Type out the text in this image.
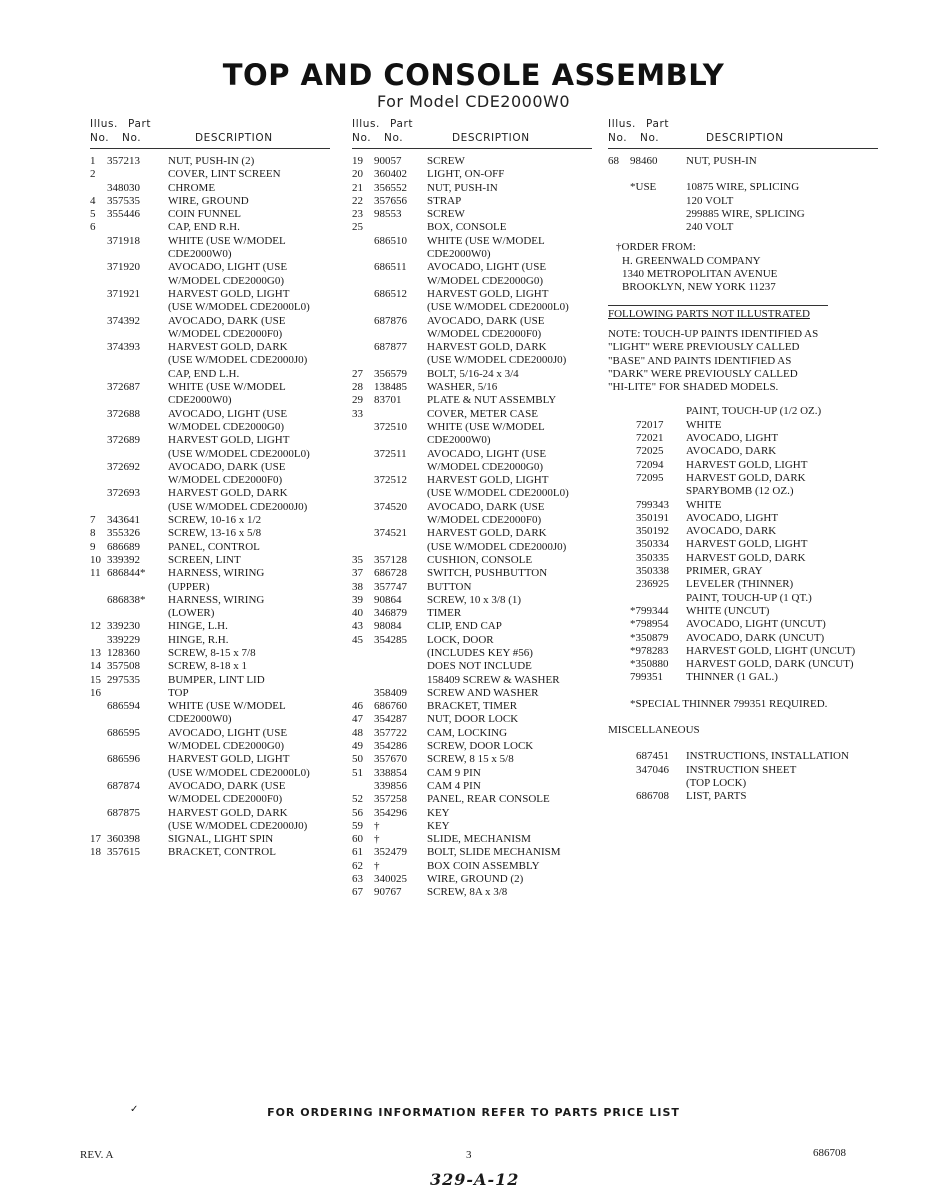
TOP AND CONSOLE ASSEMBLY
For Model CDE2000W0
Illus. Part
No. No.	DESCRIPTION
1 357213	NUT, PUSH-IN (2)
2	COVER, LINT SCREEN
348030	CHROME
4 357535	WIRE, GROUND
5 355446	COIN FUNNEL
6	CAP, END R.H.
371918	WHITE (USE W/MODEL
CDE2000W0)
371920	AVOCADO, LIGHT (USE
W/MODEL CDE2000G0)
371921	HARVEST GOLD, LIGHT
(USE W/MODEL CDE2000L0)
374392	AVOCADO, DARK (USE
W/MODEL CDE2000F0)
374393	HARVEST GOLD, DARK
(USE W/MODEL CDE2000J0)
CAP, END L.H.
372687	WHITE (USE W/MODEL
CDE2000W0)
372688	AVOCADO, LIGHT (USE
W/MODEL CDE2000G0)
372689	HARVEST GOLD, LIGHT
(USE W/MODEL CDE2000L0)
372692	AVOCADO, DARK (USE
W/MODEL CDE2000F0)
372693	HARVEST GOLD, DARK
(USE W/MODEL CDE2000J0)
7 343641	SCREW, 10-16 x 1/2
8 355326	SCREW, 13-16 x 5/8
9 686689	PANEL, CONTROL
10 339392	SCREEN, LINT
11 686844* HARNESS, WIRING
(UPPER)
686838* HARNESS, WIRING
(LOWER)
12 339230	HINGE, L.H.
339229	HINGE, R.H.
13 128360	SCREW, 8-15 x 7/8
14 357508	SCREW, 8-18 x 1
15 297535	BUMPER, LINT LID
16	TOP
686594	WHITE (USE W/MODEL
CDE2000W0)
686595	AVOCADO, LIGHT (USE
W/MODEL CDE2000G0)
686596	HARVEST GOLD, LIGHT
(USE W/MODEL CDE2000L0)
687874	AVOCADO, DARK (USE
W/MODEL CDE2000F0)
687875	HARVEST GOLD, DARK
(USE W/MODEL CDE2000J0)
17 360398	SIGNAL, LIGHT SPIN
18 357615	BRACKET, CONTROL
Illus. Part
No. No.	DESCRIPTION
19 90057 SCREW
20 360402 LIGHT, ON-OFF
21 356552 NUT, PUSH-IN
22 357656 STRAP
23 98553 SCREW
25	BOX, CONSOLE
686510 WHITE (USE W/MODEL
CDE2000W0)
686511 AVOCADO, LIGHT (USE
W/MODEL CDE2000G0)
686512 HARVEST GOLD, LIGHT
(USE W/MODEL CDE2000L0)
687876 AVOCADO, DARK (USE
W/MODEL CDE2000F0)
687877 HARVEST GOLD, DARK
(USE W/MODEL CDE2000J0)
27 356579 BOLT, 5/16-24 x 3/4
28 138485 WASHER, 5/16
29 83701 PLATE & NUT ASSEMBLY
33	COVER, METER CASE
372510 WHITE (USE W/MODEL
CDE2000W0)
372511 AVOCADO, LIGHT (USE
W/MODEL CDE2000G0)
372512 HARVEST GOLD, LIGHT
(USE W/MODEL CDE2000L0)
374520 AVOCADO, DARK (USE
W/MODEL CDE2000F0)
374521 HARVEST GOLD, DARK
(USE W/MODEL CDE2000J0)
35 357128 CUSHION, CONSOLE
37 686728 SWITCH, PUSHBUTTON
38 357747 BUTTON
39 90864 SCREW, 10 x 3/8 (1)
40 346879 TIMER
43 98084 CLIP, END CAP
45 354285 LOCK, DOOR
(INCLUDES KEY #56)
DOES NOT INCLUDE
158409 SCREW & WASHER
358409 SCREW AND WASHER
46 686760 BRACKET, TIMER
47 354287 NUT, DOOR LOCK
48 357722 CAM, LOCKING
49 354286 SCREW, DOOR LOCK
50 357670 SCREW, 8 15 x 5/8
51 338854 CAM 9 PIN
339856 CAM 4 PIN
52 357258 PANEL, REAR CONSOLE
56 354296 KEY
59 †	KEY
60 †	SLIDE, MECHANISM
61 352479 BOLT, SLIDE MECHANISM
62 †	BOX COIN ASSEMBLY
63 340025 WIRE, GROUND (2)
67 90767 SCREW, 8A x 3/8
Illus. Part
No. No.	DESCRIPTION
68 98460	NUT, PUSH-IN
*USE	10875 WIRE, SPLICING
120 VOLT
299885 WIRE, SPLICING
240 VOLT
†ORDER FROM:
H. GREENWALD COMPANY
1340 METROPOLITAN AVENUE
BROOKLYN, NEW YORK 11237
FOLLOWING PARTS NOT ILLUSTRATED
NOTE: TOUCH-UP PAINTS IDENTIFIED AS
"LIGHT" WERE PREVIOUSLY CALLED
"BASE" AND PAINTS IDENTIFIED AS
"DARK" WERE PREVIOUSLY CALLED
"HI-LITE" FOR SHADED MODELS.
PAINT, TOUCH-UP (1/2 OZ.)
72017 WHITE
72021 AVOCADO, LIGHT
72025 AVOCADO, DARK
72094 HARVEST GOLD, LIGHT
72095 HARVEST GOLD, DARK
SPARYBOMB (12 OZ.)
799343 WHITE
350191 AVOCADO, LIGHT
350192 AVOCADO, DARK
350334 HARVEST GOLD, LIGHT
350335 HARVEST GOLD, DARK
350338 PRIMER, GRAY
236925 LEVELER (THINNER)
PAINT, TOUCH-UP (1 QT.)
*799344 WHITE (UNCUT)
*798954 AVOCADO, LIGHT (UNCUT)
*350879 AVOCADO, DARK (UNCUT)
*978283 HARVEST GOLD, LIGHT (UNCUT)
*350880 HARVEST GOLD, DARK (UNCUT)
799351 THINNER (1 GAL.)
*SPECIAL THINNER 799351 REQUIRED.
MISCELLANEOUS
687451 INSTRUCTIONS, INSTALLATION
347046 INSTRUCTION SHEET
(TOP LOCK)
686708 LIST, PARTS
✓	FOR ORDERING INFORMATION REFER TO PARTS PRICE LIST
REV. A	3	686708
329-A-12
